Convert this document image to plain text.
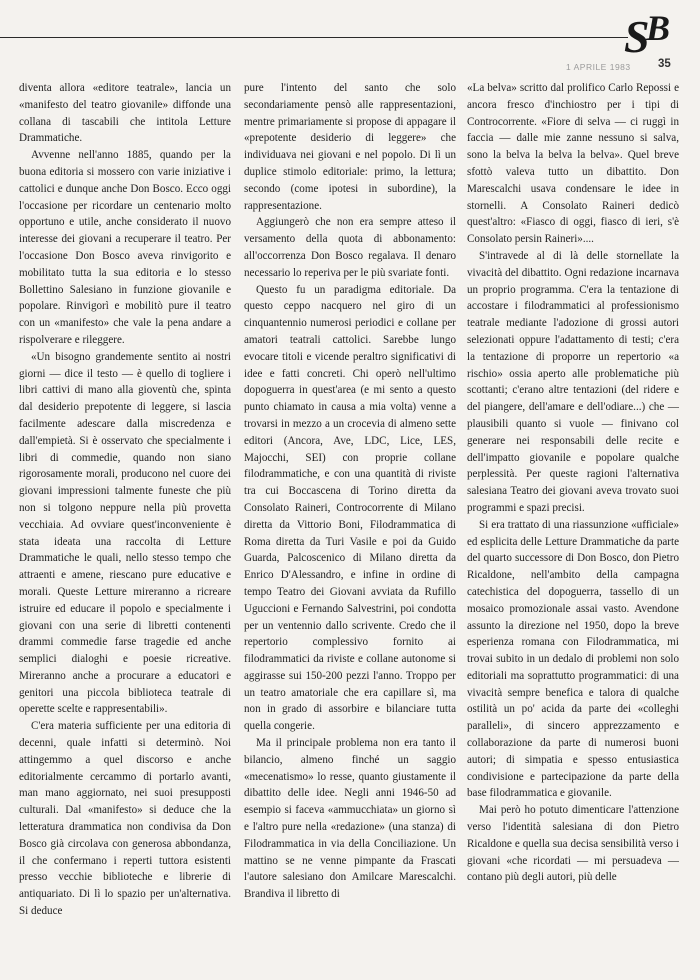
S
B
1 APRILE 1983 35

diventa allora «editore teatrale», lancia un «manifesto del teatro giovanile» diffonde una collana di tascabili che intitola Letture Drammatiche.

Avvenne nell'anno 1885, quando per la buona editoria si mossero con varie iniziative i cattolici e dunque anche Don Bosco. Ecco oggi l'occasione per ricordare un centenario molto opportuno e utile, anche considerato il nuovo interesse dei giovani a recuperare il teatro. Per l'occasione Don Bosco aveva rinvigorito e mobilitato tutta la sua editoria e lo stesso Bollettino Salesiano in funzione giovanile e popolare. Rinvigorì e mobilitò pure il teatro con un «manifesto» che vale la pena andare a rispolverare e rileggere.

«Un bisogno grandemente sentito ai nostri giorni — dice il testo — è quello di togliere i libri cattivi di mano alla gioventù che, spinta dal desiderio prepotente di leggere, si lascia facilmente adescare dalla miscredenza e dall'empietà. Si è osservato che specialmente i libri di commedie, quando non siano rigorosamente morali, producono nel cuore dei giovani impressioni talmente funeste che più non si tolgono neppure nella più provetta vecchiaia. Ad ovviare quest'inconveniente è stata ideata una raccolta di Letture Drammatiche le quali, nello stesso tempo che attraenti e amene, riescano pure educative e morali. Queste Letture mireranno a ricreare istruire ed educare il popolo e specialmente i giovani con una serie di libretti contenenti drammi commedie farse tragedie ed anche semplici dialoghi e poesie ricreative. Mireranno anche a procurare a educatori e genitori una piccola biblioteca teatrale di operette scelte e rappresentabili».

C'era materia sufficiente per una editoria di decenni, quale infatti si determinò. Noi attingemmo a quel discorso e anche editorialmente cercammo di portarlo avanti, man mano aggiornato, nei suoi presupposti culturali. Dal «manifesto» si deduce che la letteratura drammatica non condivisa da Don Bosco già circolava con generosa abbondanza, il che confermano i reperti tuttora esistenti presso vecchie biblioteche e librerie di antiquariato. Di lì lo spazio per un'alternativa. Si deduce

pure l'intento del santo che solo secondariamente pensò alle rappresentazioni, mentre primariamente si propose di appagare il «prepotente desiderio di leggere» che individuava nei giovani e nel popolo. Di lì un duplice stimolo editoriale: primo, la lettura; secondo (come ipotesi in subordine), la rappresentazione.

Aggiungerò che non era sempre atteso il versamento della quota di abbonamento: all'occorrenza Don Bosco regalava. Il denaro necessario lo reperiva per le più svariate fonti.

Questo fu un paradigma editoriale. Da questo ceppo nacquero nel giro di un cinquantennio numerosi periodici e collane per amatori teatrali cattolici. Sarebbe lungo evocare titoli e vicende peraltro significativi di idee e fatti concreti. Chi operò nell'ultimo dopoguerra in quest'area (e mi sento a questo punto chiamato in causa a mia volta) venne a trovarsi in mezzo a un crocevia di almeno sette editori (Ancora, Ave, LDC, Lice, LES, Majocchi, SEI) con proprie collane filodrammatiche, e con una quantità di riviste tra cui Boccascena di Torino diretta da Consolato Raineri, Controcorrente di Milano diretta da Vittorio Boni, Filodrammatica di Roma diretta da Turi Vasile e poi da Guido Guarda, Palcoscenico di Milano diretta da Enrico D'Alessandro, e infine in ordine di tempo Teatro dei Giovani avviata da Rufillo Uguccioni e Fernando Salvestrini, poi condotta per un ventennio dallo scrivente. Credo che il repertorio complessivo fornito ai filodrammatici da riviste e collane autonome si aggirasse sui 150-200 pezzi l'anno. Troppo per un teatro amatoriale che era capillare sì, ma non in grado di assorbire e bilanciare tutta quella congerie.

Ma il principale problema non era tanto il bilancio, almeno finché un saggio «mecenatismo» lo resse, quanto giustamente il dibattito delle idee. Negli anni 1946-50 ad esempio si faceva «ammucchiata» un giorno sì e l'altro pure nella «redazione» (una stanza) di Filodrammatica in via della Conciliazione. Un mattino se ne venne pimpante da Frascati l'autore salesiano don Amilcare Marescalchi. Brandiva il libretto di

«La belva» scritto dal prolifico Carlo Repossi e ancora fresco d'inchiostro per i tipi di Controcorrente. «Fiore di selva — ci ruggì in faccia — dalle mie zanne nessuno si salva, sono la belva la belva la belva». Quel breve sfottò valeva tutto un dibattito. Don Marescalchi usava condensare le idee in stornelli. A Consolato Raineri dedicò quest'altro: «Fiasco di oggi, fiasco di ieri, s'è Consolato persin Raineri»....

S'intravede al di là delle stornellate la vivacità del dibattito. Ogni redazione incarnava un proprio programma. C'era la tentazione di accostare i filodrammatici al professionismo teatrale mediante l'adozione di grossi autori selezionati oppure l'adattamento di testi; c'era la tentazione di proporre un repertorio «a rischio» ossia aperto alle problematiche più scottanti; c'erano altre tentazioni (del ridere e del piangere, dell'amare e dell'odiare...) che — plausibili quanto si vuole — finivano col generare nei responsabili delle recite e dell'impatto giovanile e popolare qualche perplessità. Per queste ragioni l'alternativa salesiana Teatro dei giovani aveva trovato suoi programmi e spazi precisi.

Si era trattato di una riassunzione «ufficiale» ed esplicita delle Letture Drammatiche da parte del quarto successore di Don Bosco, don Pietro Ricaldone, nell'ambito della campagna catechistica del dopoguerra, tassello di un mosaico promozionale assai vasto. Avendone assunto la direzione nel 1950, dopo la breve esperienza romana con Filodrammatica, mi trovai subito in un dedalo di problemi non solo editoriali ma soprattutto programmatici: di una vivacità sempre benefica e talora di qualche ostilità un po' acida da parte dei «colleghi paralleli», di sincero apprezzamento e collaborazione da parte di numerosi buoni autori; di simpatia e spesso entusiastica condivisione e partecipazione da parte della base filodrammatica e giovanile.

Mai però ho potuto dimenticare l'attenzione verso l'identità salesiana di don Pietro Ricaldone e quella sua decisa sensibilità verso i giovani «che ricordati — mi persuadeva — contano più degli autori, più delle
